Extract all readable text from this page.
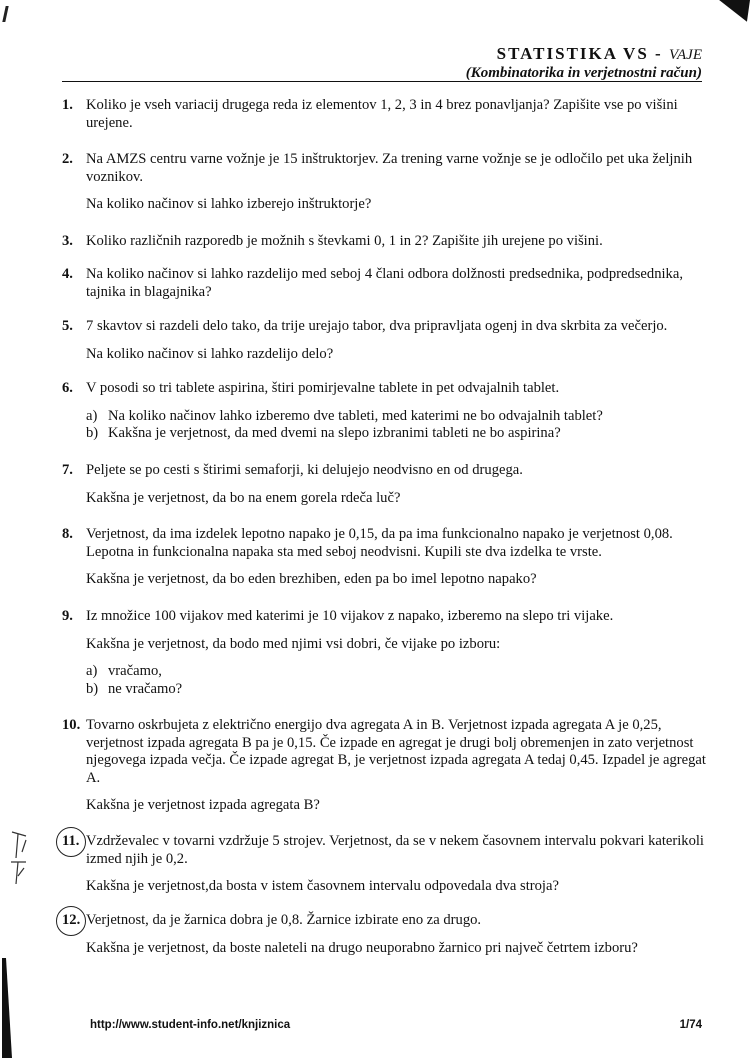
STATISTIKA VS - VAJE
(Kombinatorika in verjetnostni račun)
1. Koliko je vseh variacij drugega reda iz elementov 1, 2, 3 in 4 brez ponavljanja? Zapišite vse po višini urejene.

2. Na AMZS centru varne vožnje je 15 inštruktorjev. Za trening varne vožnje se je odločilo pet uka željnih voznikov.

Na koliko načinov si lahko izberejo inštruktorje?

3. Koliko različnih razporedb je možnih s števkami 0, 1 in 2? Zapišite jih urejene po višini.

4. Na koliko načinov si lahko razdelijo med seboj 4 člani odbora dolžnosti predsednika, podpredsednika, tajnika in blagajnika?

5. 7 skavtov si razdeli delo tako, da trije urejajo tabor, dva pripravljata ogenj in dva skrbita za večerjo.

Na koliko načinov si lahko razdelijo delo?

6. V posodi so tri tablete aspirina, štiri pomirjevalne tablete in pet odvajalnih tablet.

a) Na koliko načinov lahko izberemo dve tableti, med katerimi ne bo odvajalnih tablet?
b) Kakšna je verjetnost, da med dvemi na slepo izbranimi tableti ne bo aspirina?
7. Peljete se po cesti s štirimi semaforji, ki delujejo neodvisno en od drugega.

Kakšna je verjetnost, da bo na enem gorela rdeča luč?

8. Verjetnost, da ima izdelek lepotno napako je 0,15, da pa ima funkcionalno napako je verjetnost 0,08. Lepotna in funkcionalna napaka sta med seboj neodvisni. Kupili ste dva izdelka te vrste.

Kakšna je verjetnost, da bo eden brezhiben, eden pa bo imel lepotno napako?

9. Iz množice 100 vijakov med katerimi je 10 vijakov z napako, izberemo na slepo tri vijake.

Kakšna je verjetnost, da bodo med njimi vsi dobri, če vijake po izboru:

a) vračamo,
b) ne vračamo?
10. Tovarno oskrbujeta z električno energijo dva agregata A in B. Verjetnost izpada agregata A je 0,25, verjetnost izpada agregata B pa je 0,15. Če izpade en agregat je drugi bolj obremenjen in zato verjetnost njegovega izpada večja. Če izpade agregat B, je verjetnost izpada agregata A tedaj 0,45. Izpadel je agregat A.

Kakšna je verjetnost izpada agregata B?

11. Vzdrževalec v tovarni vzdržuje 5 strojev. Verjetnost, da se v nekem časovnem intervalu pokvari katerikoli izmed njih je 0,2.

Kakšna je verjetnost,da bosta v istem časovnem intervalu odpovedala dva stroja?

12. Verjetnost, da je žarnica dobra je 0,8. Žarnice izbirate eno za drugo.

Kakšna je verjetnost, da boste naleteli na drugo neuporabno žarnico pri največ četrtem izboru?

http://www.student-info.net/knjiznica	1/74
